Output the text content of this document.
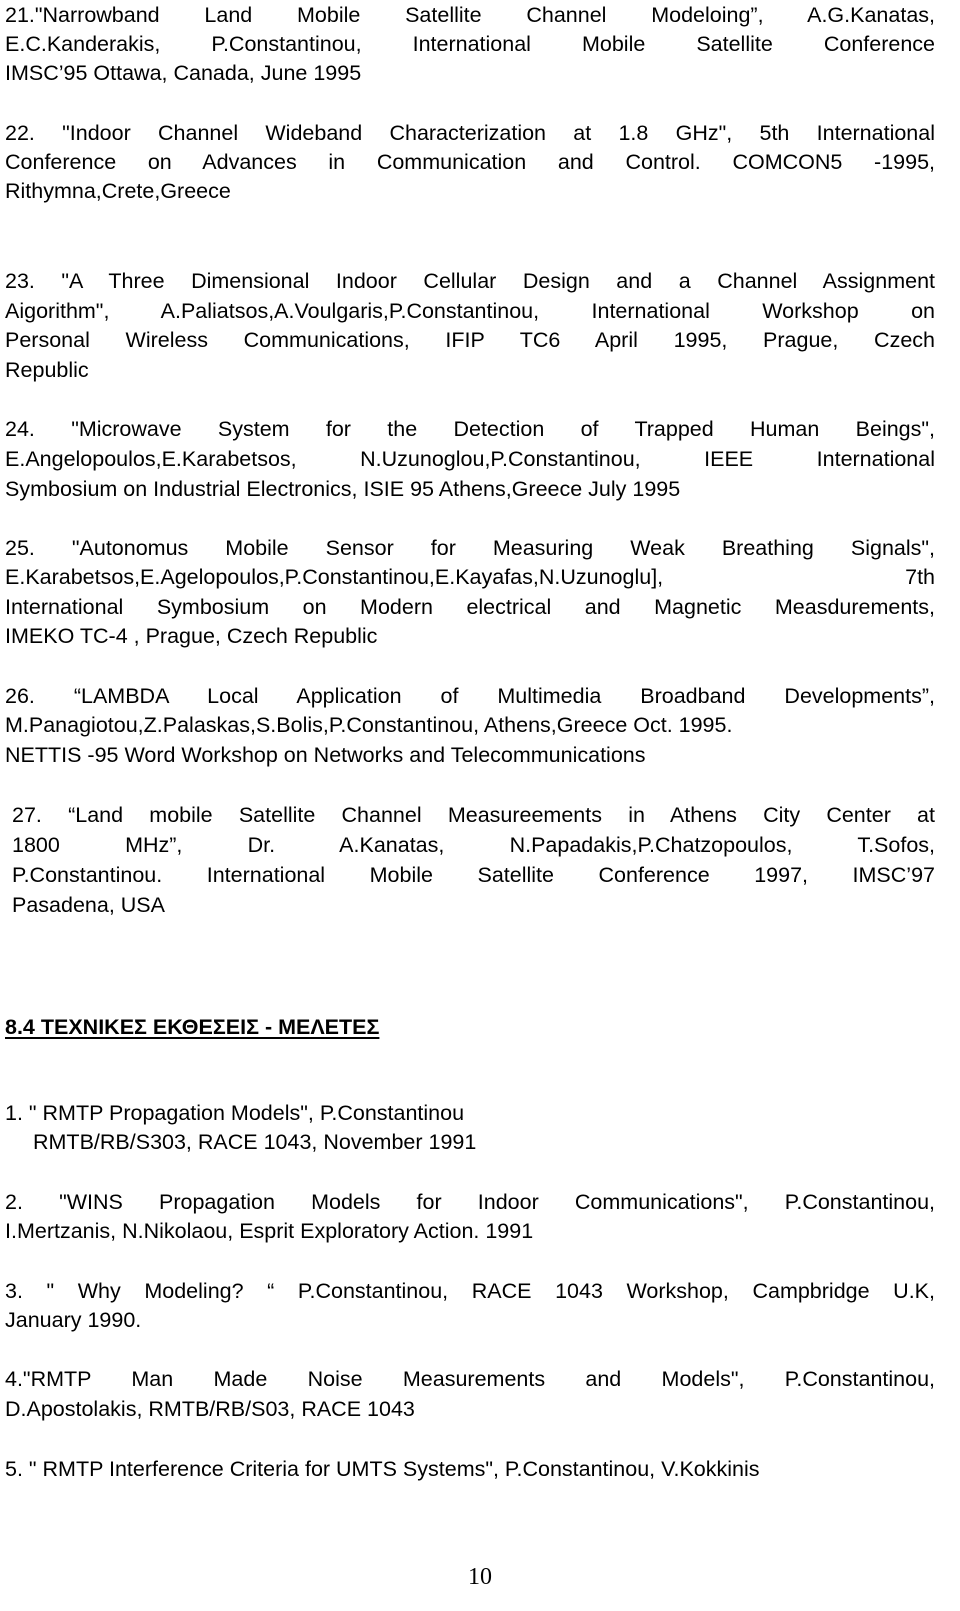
21."Narrowband Land Mobile Satellite Channel Modeloing”, A.G.Kanatas,
E.C.Kanderakis, P.Constantinou, International Mobile Satellite Conference
IMSC’95 Ottawa, Canada, June 1995
22. "Indoor Channel Wideband Characterization at 1.8 GHz", 5th International
Conference on Advances in Communication and Control. COMCON5 -1995,
Rithymna,Crete,Greece
23. "A Three Dimensional Indoor Cellular Design and a Channel Assignment
Aigorithm", A.Paliatsos,A.Voulgaris,P.Constantinou, International Workshop on
Personal Wireless Communications, IFIP TC6 April 1995, Prague, Czech
Republic
24. "Microwave System for the Detection of Trapped Human Beings",
E.Angelopoulos,E.Karabetsos, N.Uzunoglou,P.Constantinou, IEEE International
Symbosium on Industrial Electronics, ISIE 95 Athens,Greece July 1995
25. "Autonomus Mobile Sensor for Measuring Weak Breathing Signals",
E.Karabetsos,E.Agelopoulos,P.Constantinou,E.Kayafas,N.Uzunoglu], 7th
International Symbosium on Modern electrical and Magnetic Measdurements,
IMEKO TC-4 , Prague, Czech Republic
26. “LAMBDA Local Application of Multimedia Broadband Developments”,
M.Panagiotou,Z.Palaskas,S.Bolis,P.Constantinou, Athens,Greece Oct. 1995.
NETTIS -95 Word Workshop on Networks and Telecommunications
27. “Land mobile Satellite Channel Measureements in Athens City Center at
1800 MHz”, Dr. A.Kanatas, N.Papadakis,P.Chatzopoulos, T.Sofos,
P.Constantinou. International Mobile Satellite Conference 1997, IMSC’97
Pasadena, USA
8.4 ΤΕΧΝΙΚΕΣ ΕΚΘΕΣΕΙΣ - ΜΕΛΕΤΕΣ
1. " RMTP Propagation Models", P.Constantinou
RMTB/RB/S303, RACE 1043, November 1991
2. "WINS Propagation Models for Indoor Communications", P.Constantinou,
I.Mertzanis, N.Nikolaou, Esprit Exploratory Action. 1991
3. " Why Modeling? “ P.Constantinou, RACE 1043 Workshop, Campbridge U.K,
January 1990.
4."RMTP Man Made Noise Measurements and Models", P.Constantinou,
D.Apostolakis, RMTB/RB/S03, RACE 1043
5. " RMTP Interference Criteria for UMTS Systems", P.Constantinou, V.Kokkinis
10
